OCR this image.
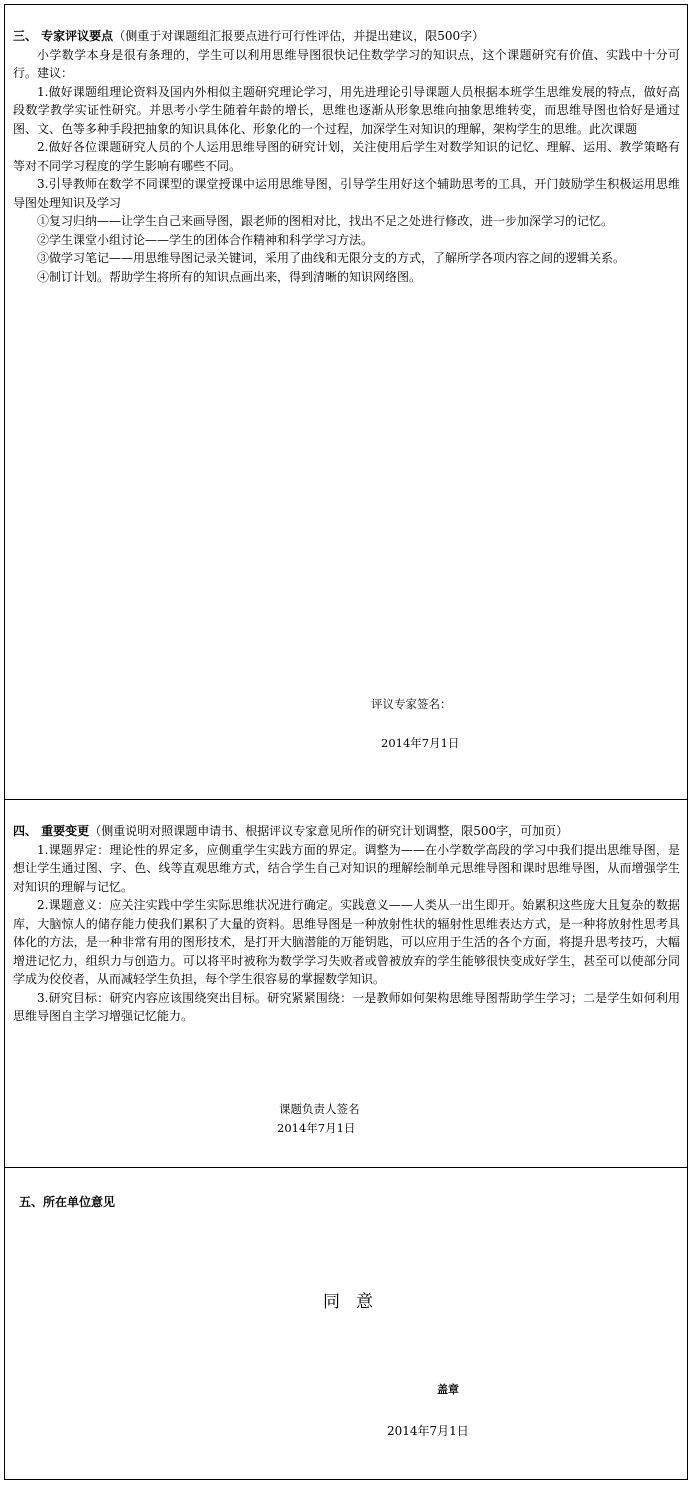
三、 专家评议要点（侧重于对课题组汇报要点进行可行性评估，并提出建议，限500字）

小学数学本身是很有条理的，学生可以利用思维导图很快记住数学学习的知识点，这个课题研究有价值、实践中十分可行。建议：

1.做好课题组理论资料及国内外相似主题研究理论学习，用先进理论引导课题人员根据本班学生思维发展的特点，做好高段数学教学实证性研究。并思考小学生随着年龄的增长，思维也逐渐从形象思维向抽象思维转变，而思维导图也恰好是通过图、文、色等多种手段把抽象的知识具体化、形象化的一个过程，加深学生对知识的理解，架构学生的思维。此次课题

2.做好各位课题研究人员的个人运用思维导图的研究计划，关注使用后学生对数学知识的记忆、理解、运用、教学策略有等对不同学习程度的学生影响有哪些不同。

3.引导教师在数学不同课型的课堂授课中运用思维导图，引导学生用好这个辅助思考的工具，开门鼓励学生积极运用思维导图处理知识及学习

①复习归纳——让学生自己来画导图，跟老师的图相对比，找出不足之处进行修改，进一步加深学习的记忆。

②学生课堂小组讨论——学生的团体合作精神和科学学习方法。

③做学习笔记——用思维导图记录关键词，采用了曲线和无限分支的方式，了解所学各项内容之间的逻辑关系。

④制订计划。帮助学生将所有的知识点画出来，得到清晰的知识网络图。

评议专家签名：
2014年7月1日

四、 重要变更（侧重说明对照课题申请书、根据评议专家意见所作的研究计划调整，限500字，可加页）

1.课题界定：理论性的界定多，应侧重学生实践方面的界定。调整为——在小学数学高段的学习中我们提出思维导图，是想让学生通过图、字、色、线等直观思维方式，结合学生自己对知识的理解绘制单元思维导图和课时思维导图，从而增强学生对知识的理解与记忆。

2.课题意义：应关注实践中学生实际思维状况进行确定。实践意义——人类从一出生即开。始累积这些庞大且复杂的数据库，大脑惊人的储存能力使我们累积了大量的资料。思维导图是一种放射性状的辐射性思维表达方式，是一种将放射性思考具体化的方法，是一种非常有用的图形技术，是打开大脑潜能的万能钥匙，可以应用于生活的各个方面，将提升思考技巧，大幅增进记忆力，组织力与创造力。可以将平时被称为数学学习失败者或曾被放弃的学生能够很快变成好学生，甚至可以使部分同学成为佼佼者，从而减轻学生负担，每个学生很容易的掌握数学知识。

3.研究目标：研究内容应该围绕突出目标。研究紧紧围绕：一是教师如何架构思维导图帮助学生学习；二是学生如何利用思维导图自主学习增强记忆能力。

课题负责人签名
2014年7月1日
五、所在单位意见
同意
盖章
2014年7月1日
